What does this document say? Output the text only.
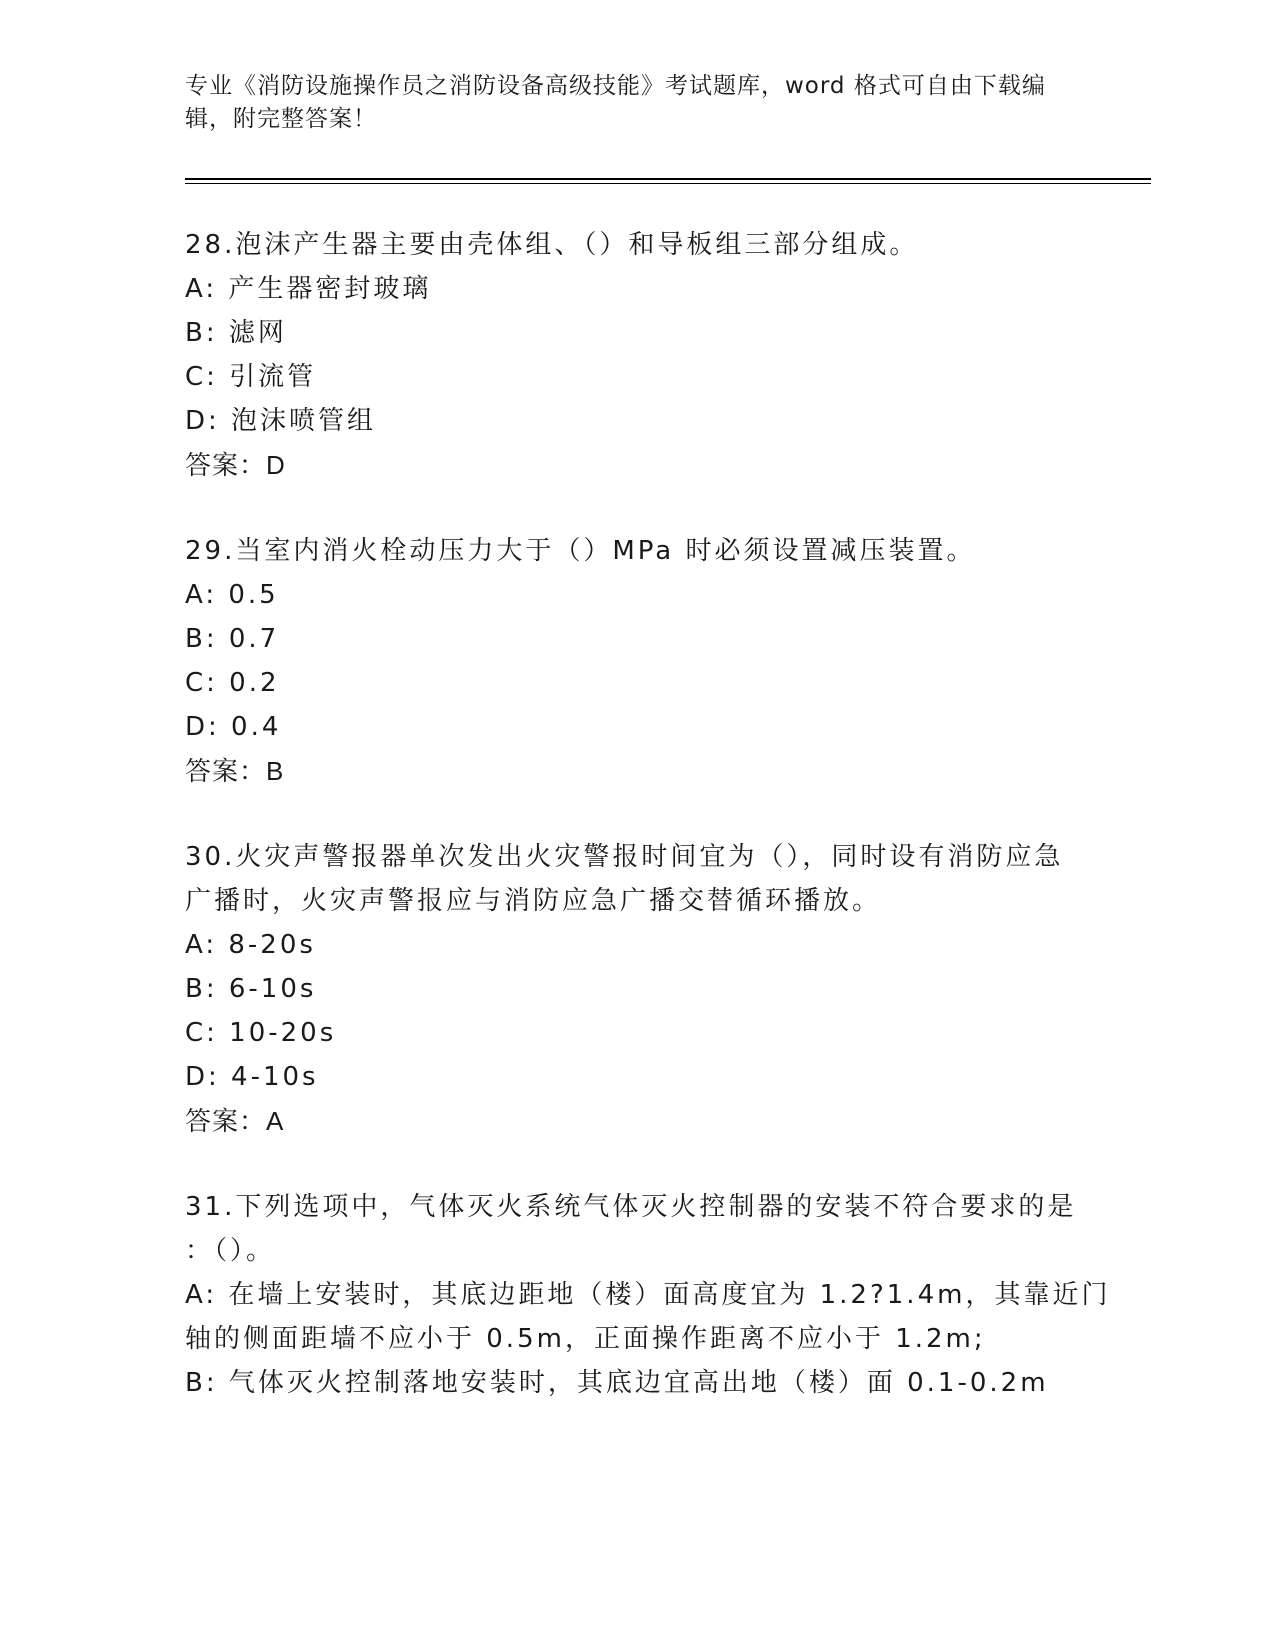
专业《消防设施操作员之消防设备高级技能》考试题库，word 格式可自由下载编
辑，附完整答案！
28.泡沫产生器主要由壳体组、（）和导板组三部分组成。
A: 产生器密封玻璃
B: 滤网
C: 引流管
D: 泡沫喷管组
答案：D
29.当室内消火栓动压力大于（）MPa 时必须设置减压装置。
A: 0.5
B: 0.7
C: 0.2
D: 0.4
答案：B
30.火灾声警报器单次发出火灾警报时间宜为（），同时设有消防应急
广播时，火灾声警报应与消防应急广播交替循环播放。
A: 8-20s
B: 6-10s
C: 10-20s
D: 4-10s
答案：A
31.下列选项中，气体灭火系统气体灭火控制器的安装不符合要求的是
：（）。
A: 在墙上安装时，其底边距地（楼）面高度宜为 1.2?1.4m，其靠近门
轴的侧面距墙不应小于 0.5m，正面操作距离不应小于 1.2m;
B: 气体灭火控制落地安装时，其底边宜高出地（楼）面 0.1-0.2m
